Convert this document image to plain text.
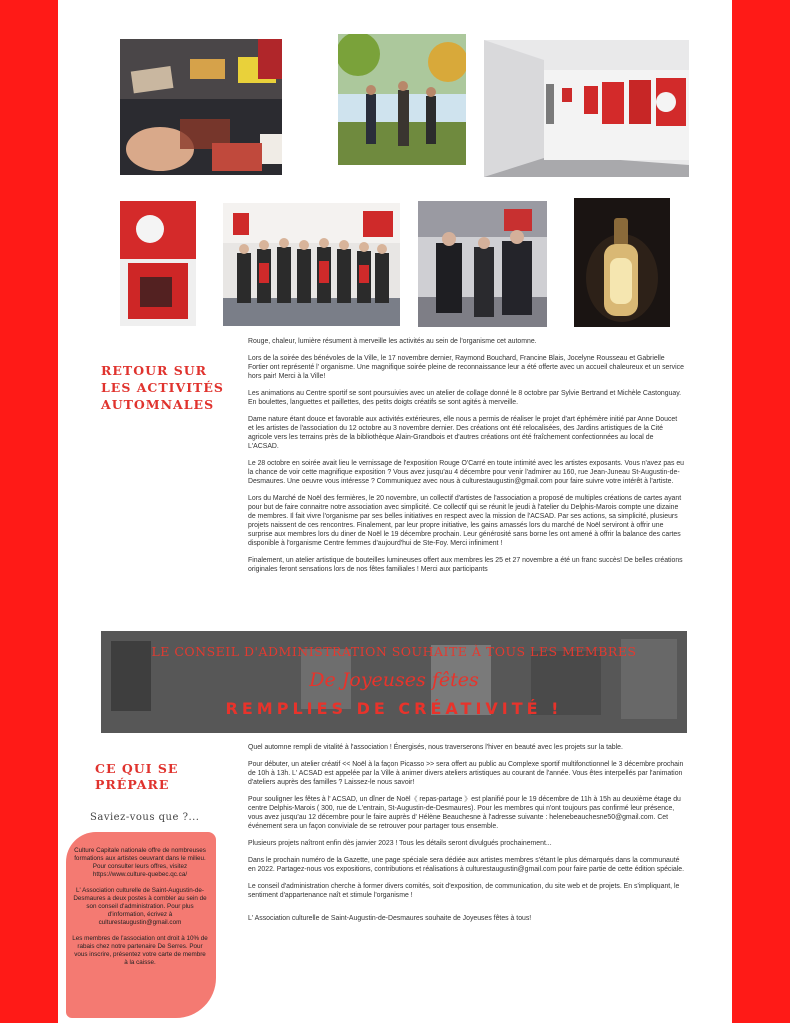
RETOUR SUR LES ACTIVITÉS AUTOMNALES

Rouge, chaleur, lumière résument à merveille les activités au sein de l'organisme cet automne.

Lors de la soirée des bénévoles de la Ville, le 17 novembre dernier, Raymond Bouchard, Francine Blais, Jocelyne Rousseau et Gabrielle Fortier ont représenté l' organisme. Une magnifique soirée pleine de reconnaissance leur a été offerte avec un accueil chaleureux et un service hors pair! Merci à la Ville!

Les animations au Centre sportif se sont poursuivies avec un atelier de collage donné le 8 octobre par Sylvie Bertrand et Michèle Castonguay. En boulettes, languettes et paillettes, des petits doigts créatifs se sont agités à merveille.

Dame nature étant douce et favorable aux activités extérieures, elle nous a permis de réaliser le projet d'art éphémère initié par Anne Doucet et les artistes de l'association du 12 octobre au 3 novembre dernier. Des créations ont été relocalisées, des Jardins artistiques de la Cité agricole vers les terrains près de la bibliothèque Alain-Grandbois et d'autres créations ont été fraîchement confectionnées au local de L'ACSAD.

Le 28 octobre en soirée avait lieu le vernissage de l'exposition Rouge O'Carré en toute intimité avec les artistes exposants. Vous n'avez pas eu la chance de voir cette magnifique exposition ? Vous avez jusqu'au 4 décembre pour venir l'admirer au 160, rue Jean-Juneau St-Augustin-de-Desmaures. Une oeuvre vous intéresse ? Communiquez avec nous à culturestaugustin@gmail.com pour faire suivre votre intérêt à l'artiste.

Lors du Marché de Noël des fermières, le 20 novembre, un collectif d'artistes de l'association a proposé de multiples créations de cartes ayant pour but de faire connaitre notre association avec simplicité. Ce collectif qui se réunit le jeudi à l'atelier du Delphis-Marois compte une dizaine de membres. Il fait vivre l'organisme par ses belles initiatives en respect avec la mission de l'ACSAD. Par ses actions, sa simplicité, plusieurs projets naissent de ces rencontres. Finalement, par leur propre initiative, les gains amassés lors du marché de Noël serviront à offrir une surprise aux membres lors du diner de Noël le 19 décembre prochain. Leur générosité sans borne les ont amené à offrir la balance des cartes disponible à l'organisme Centre femmes d'aujourd'hui de Ste-Foy. Merci infiniment !

Finalement, un atelier artistique de bouteilles lumineuses offert aux membres les 25 et 27 novembre a été un franc succès! De belles créations originales feront sensations lors de nos fêtes familiales ! Merci aux participants

LE CONSEIL D'ADMINISTRATION SOUHAITE À TOUS LES MEMBRES
De Joyeuses fêtes
REMPLIES DE CRÉATIVITÉ !
CE QUI SE PRÉPARE

Quel automne rempli de vitalité à l'association ! Énergisés, nous traverserons l'hiver en beauté avec les projets sur la table.

Pour débuter, un atelier créatif << Noël à la façon Picasso >> sera offert au public au Complexe sportif multifonctionnel le 3 décembre prochain de 10h à 13h. L' ACSAD est appelée par la Ville à animer divers ateliers artistiques au courant de l'année. Vous êtes interpellés par l'animation d'ateliers auprès des familles ? Laissez-le nous savoir!

Pour souligner les fêtes à l' ACSAD, un dîner de Noël《 repas-partage 》est planifié pour le 19 décembre de 11h à 15h au deuxième étage du centre Delphis-Marois ( 300, rue de L'entrain, St-Augustin-de-Desmaures). Pour les membres qui n'ont toujours pas confirmé leur présence, vous avez jusqu'au 12 décembre pour le faire auprès d' Hélène Beauchesne à l'adresse suivante : helenebeauchesne50@gmail.com. Cet événement sera un façon conviviale de se retrouver pour partager tous ensemble.

Plusieurs projets naîtront enfin dès janvier 2023 ! Tous les détails seront divulgués prochainement...

Dans le prochain numéro de la Gazette, une page spéciale sera dédiée aux artistes membres s'étant le plus démarqués dans la communauté en 2022. Partagez-nous vos expositions, contributions et réalisations à culturestaugustin@gmail.com pour faire partie de cette édition spéciale.

Le conseil d'administration cherche à former divers comités, soit d'exposition, de communication, du site web et de projets. En s'impliquant, le sentiment d'appartenance naît et stimule l'organisme !

L' Association culturelle de Saint-Augustin-de-Desmaures souhaite de Joyeuses fêtes à tous!

Saviez-vous que ?...

Culture Capitale nationale offre de nombreuses formations aux artistes oeuvrant dans le milieu. Pour consulter leurs offres, visitez https://www.culture-quebec.qc.ca/

L' Association culturelle de Saint-Augustin-de-Desmaures a deux postes à combler au sein de son conseil d'administration. Pour plus d'information, écrivez à culturestaugustin@gmail.com

Les membres de l'association ont droit à 10% de rabais chez notre partenaire De Serres. Pour vous inscrire, présentez votre carte de membre à la caisse.
